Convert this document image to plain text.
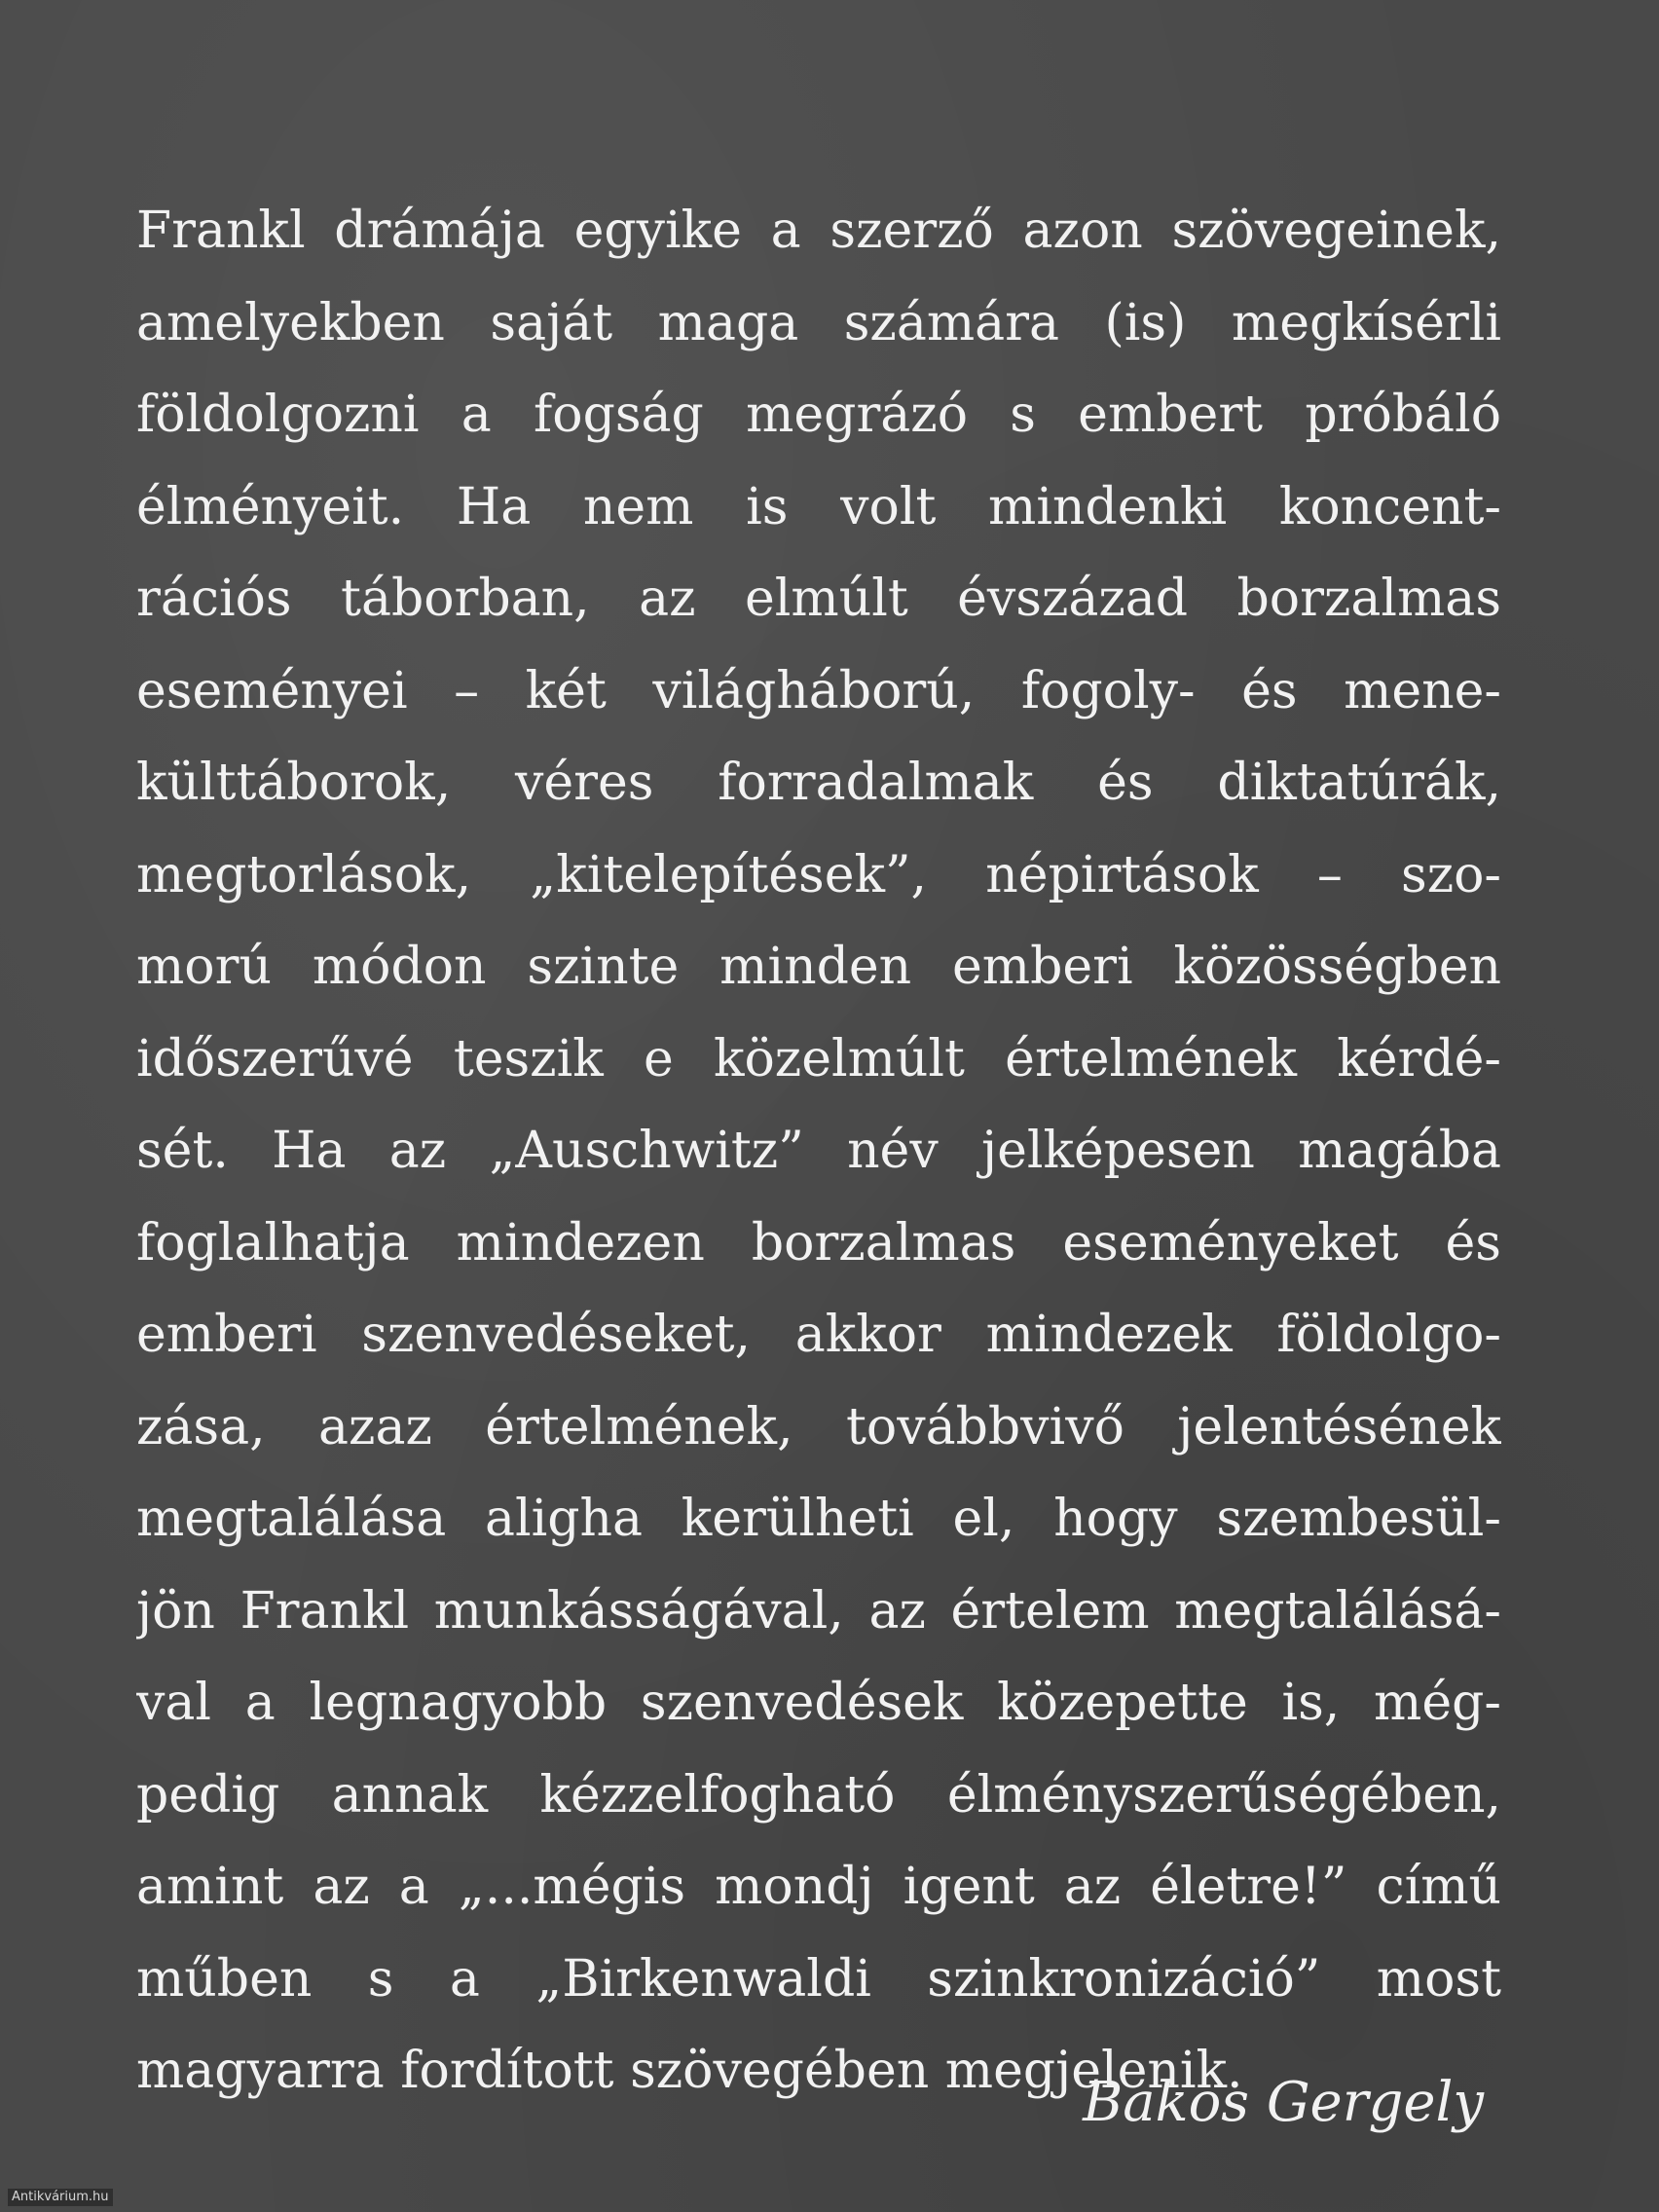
Frankl drámája egyike a szerző azon szövegeinek,
amelyekben saját maga számára (is) megkísérli
földolgozni a fogság megrázó s embert próbáló
élményeit. Ha nem is volt mindenki koncent-
rációs táborban, az elmúlt évszázad borzalmas
eseményei – két világháború, fogoly- és mene-
külttáborok, véres forradalmak és diktatúrák,
megtorlások, „kitelepítések”, népirtások – szo-
morú módon szinte minden emberi közösségben
időszerűvé teszik e közelmúlt értelmének kérdé-
sét. Ha az „Auschwitz” név jelképesen magába
foglalhatja mindezen borzalmas eseményeket és
emberi szenvedéseket, akkor mindezek földolgo-
zása, azaz értelmének, továbbvivő jelentésének
megtalálása aligha kerülheti el, hogy szembesül-
jön Frankl munkásságával, az értelem megtalálásá-
val a legnagyobb szenvedések közepette is, még-
pedig annak kézzelfogható élményszerűségében,
amint az a „...mégis mondj igent az életre!” című
műben s a „Birkenwaldi szinkronizáció” most
magyarra fordított szövegében megjelenik.
Bakos Gergely
Antikvárium.hu
